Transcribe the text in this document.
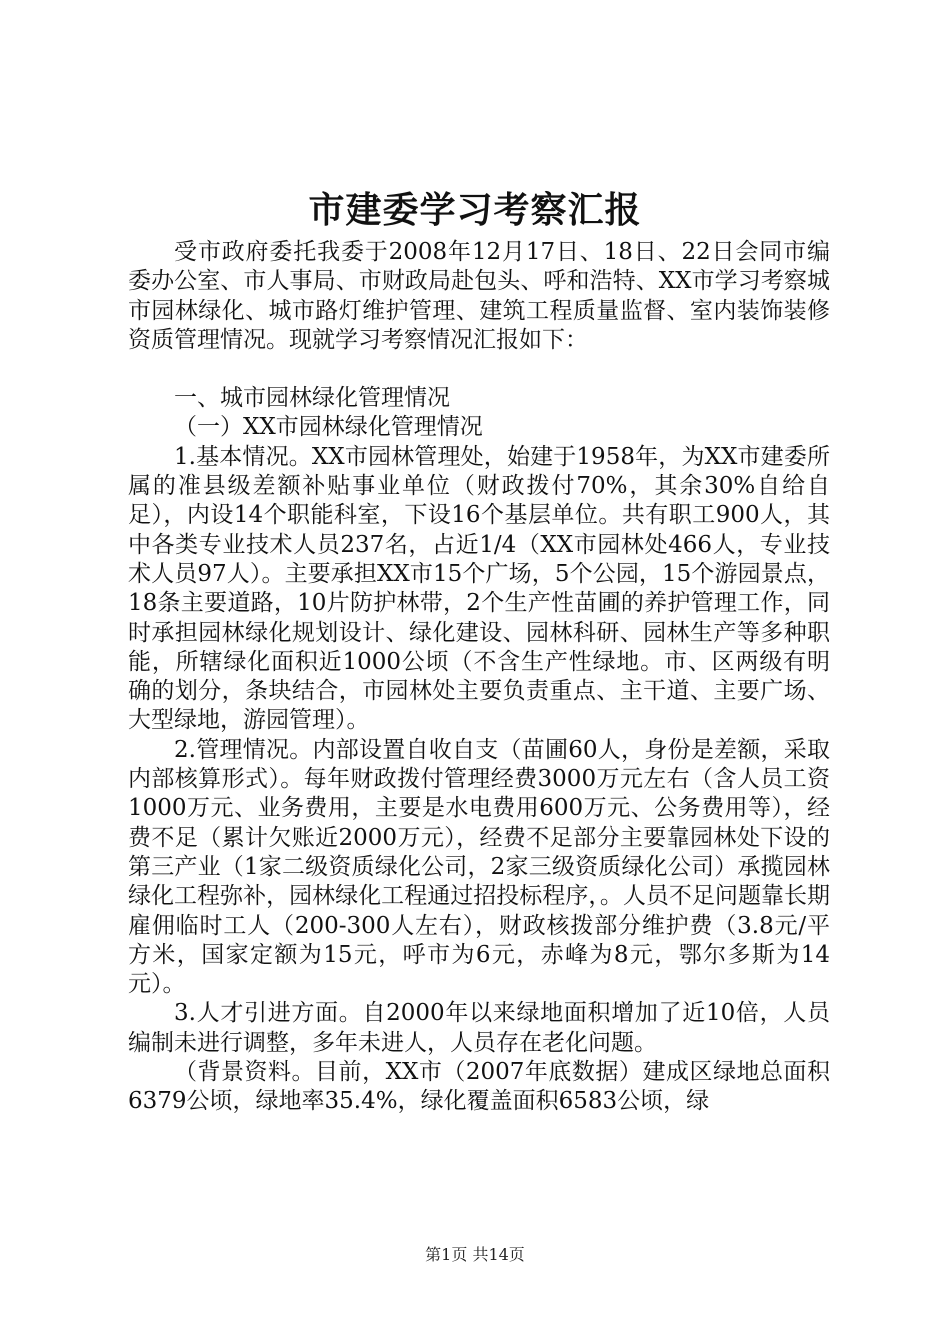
市建委学习考察汇报

受市政府委托我委于2008年12月17日、18日、22日会同市编委办公室、市人事局、市财政局赴包头、呼和浩特、XX市学习考察城市园林绿化、城市路灯维护管理、建筑工程质量监督、室内装饰装修资质管理情况。现就学习考察情况汇报如下：

一、城市园林绿化管理情况

（一）XX市园林绿化管理情况

1.基本情况。XX市园林管理处，始建于1958年，为XX市建委所属的准县级差额补贴事业单位（财政拨付70%，其余30%自给自足），内设14个职能科室，下设16个基层单位。共有职工900人，其中各类专业技术人员237名，占近1/4（XX市园林处466人，专业技术人员97人）。主要承担XX市15个广场，5个公园，15个游园景点，18条主要道路，10片防护林带，2个生产性苗圃的养护管理工作，同时承担园林绿化规划设计、绿化建设、园林科研、园林生产等多种职能，所辖绿化面积近1000公顷（不含生产性绿地。市、区两级有明确的划分，条块结合，市园林处主要负责重点、主干道、主要广场、大型绿地，游园管理）。

2.管理情况。内部设置自收自支（苗圃60人，身份是差额，采取内部核算形式）。每年财政拨付管理经费3000万元左右（含人员工资1000万元、业务费用，主要是水电费用600万元、公务费用等），经费不足（累计欠账近2000万元），经费不足部分主要靠园林处下设的第三产业（1家二级资质绿化公司，2家三级资质绿化公司）承揽园林绿化工程弥补，园林绿化工程通过招投标程序，。人员不足问题靠长期雇佣临时工人（200-300人左右），财政核拨部分维护费（3.8元/平方米，国家定额为15元，呼市为6元，赤峰为8元，鄂尔多斯为14元）。

3.人才引进方面。自2000年以来绿地面积增加了近10倍，人员编制未进行调整，多年未进人，人员存在老化问题。

（背景资料。目前，XX市（2007年底数据）建成区绿地总面积6379公顷，绿地率35.4%，绿化覆盖面积6583公顷，绿

第1页 共14页
